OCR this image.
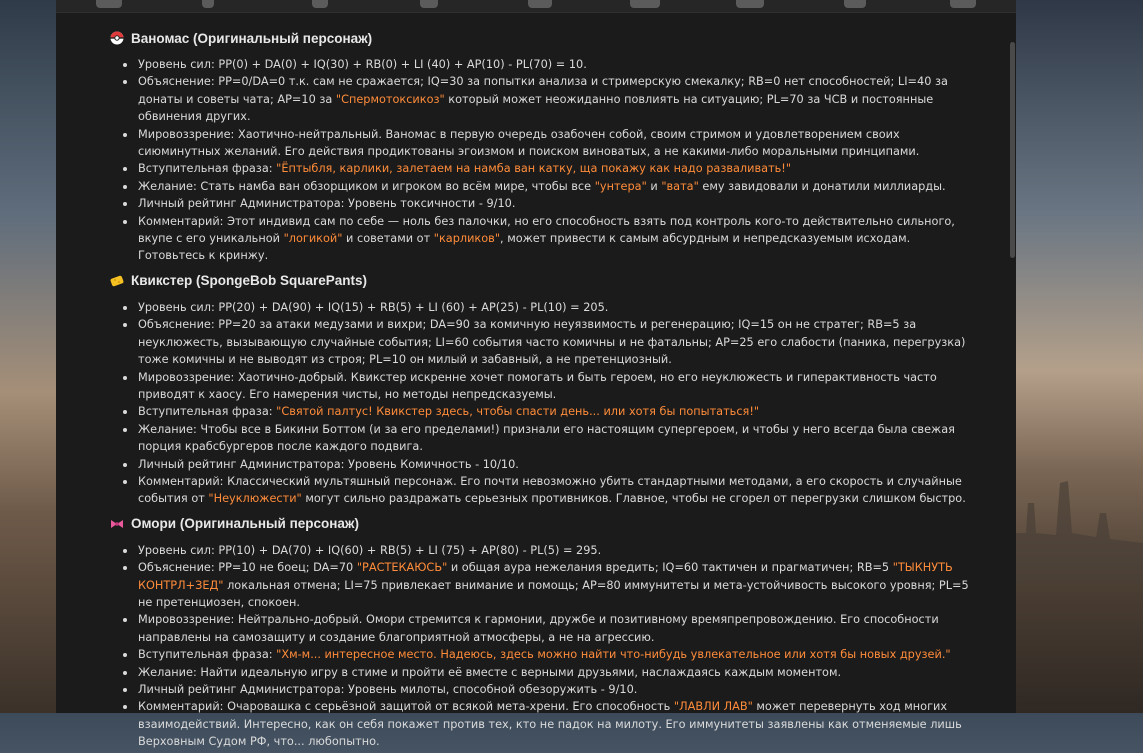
Ваномас (Оригинальный персонаж)
Уровень сил: PP(0) + DA(0) + IQ(30) + RB(0) + LI (40) + AP(10) - PL(70) = 10.
Объяснение: PP=0/DA=0 т.к. сам не сражается; IQ=30 за попытки анализа и стримерскую смекалку; RB=0 нет способностей; LI=40 за донаты и советы чата; AP=10 за "Спермотоксикоз" который может неожиданно повлиять на ситуацию; PL=70 за ЧСВ и постоянные обвинения других.
Мировоззрение: Хаотично-нейтральный. Ваномас в первую очередь озабочен собой, своим стримом и удовлетворением своих сиюминутных желаний. Его действия продиктованы эгоизмом и поиском виноватых, а не какими-либо моральными принципами.
Вступительная фраза: "Ёптыбля, карлики, залетаем на намба ван катку, ща покажу как надо разваливать!"
Желание: Стать намба ван обзорщиком и игроком во всём мире, чтобы все "унтера" и "вата" ему завидовали и донатили миллиарды.
Личный рейтинг Администратора: Уровень токсичности - 9/10.
Комментарий: Этот индивид сам по себе — ноль без палочки, но его способность взять под контроль кого-то действительно сильного, вкупе с его уникальной "логикой" и советами от "карликов", может привести к самым абсурдным и непредсказуемым исходам. Готовьтесь к кринжу.
Квикстер (SpongeBob SquarePants)
Уровень сил: PP(20) + DA(90) + IQ(15) + RB(5) + LI (60) + AP(25) - PL(10) = 205.
Объяснение: PP=20 за атаки медузами и вихри; DA=90 за комичную неуязвимость и регенерацию; IQ=15 он не стратег; RB=5 за неуклюжесть, вызывающую случайные события; LI=60 события часто комичны и не фатальны; AP=25 его слабости (паника, перегрузка) тоже комичны и не выводят из строя; PL=10 он милый и забавный, а не претенциозный.
Мировоззрение: Хаотично-добрый. Квикстер искренне хочет помогать и быть героем, но его неуклюжесть и гиперактивность часто приводят к хаосу. Его намерения чисты, но методы непредсказуемы.
Вступительная фраза: "Святой палтус! Квикстер здесь, чтобы спасти день... или хотя бы попытаться!"
Желание: Чтобы все в Бикини Боттом (и за его пределами!) признали его настоящим супергероем, и чтобы у него всегда была свежая порция крабсбургеров после каждого подвига.
Личный рейтинг Администратора: Уровень Комичность - 10/10.
Комментарий: Классический мультяшный персонаж. Его почти невозможно убить стандартными методами, а его скорость и случайные события от "Неуклюжести" могут сильно раздражать серьезных противников. Главное, чтобы не сгорел от перегрузки слишком быстро.
Омори (Оригинальный персонаж)
Уровень сил: PP(10) + DA(70) + IQ(60) + RB(5) + LI (75) + AP(80) - PL(5) = 295.
Объяснение: PP=10 не боец; DA=70 "РАСТЕКАЮСЬ" и общая аура нежелания вредить; IQ=60 тактичен и прагматичен; RB=5 "ТЫКНУТЬ КОНТРЛ+ЗЕД" локальная отмена; LI=75 привлекает внимание и помощь; AP=80 иммунитеты и мета-устойчивость высокого уровня; PL=5 не претенциозен, спокоен.
Мировоззрение: Нейтрально-добрый. Омори стремится к гармонии, дружбе и позитивному времяпрепровождению. Его способности направлены на самозащиту и создание благоприятной атмосферы, а не на агрессию.
Вступительная фраза: "Хм-м... интересное место. Надеюсь, здесь можно найти что-нибудь увлекательное или хотя бы новых друзей."
Желание: Найти идеальную игру в стиме и пройти её вместе с верными друзьями, наслаждаясь каждым моментом.
Личный рейтинг Администратора: Уровень милоты, способной обезоружить - 9/10.
Комментарий: Очаровашка с серьёзной защитой от всякой мета-хрени. Его способность "ЛАВЛИ ЛАВ" может перевернуть ход многих взаимодействий. Интересно, как он себя покажет против тех, кто не падок на милоту. Его иммунитеты заявлены как отменяемые лишь Верховным Судом РФ, что... любопытно.
